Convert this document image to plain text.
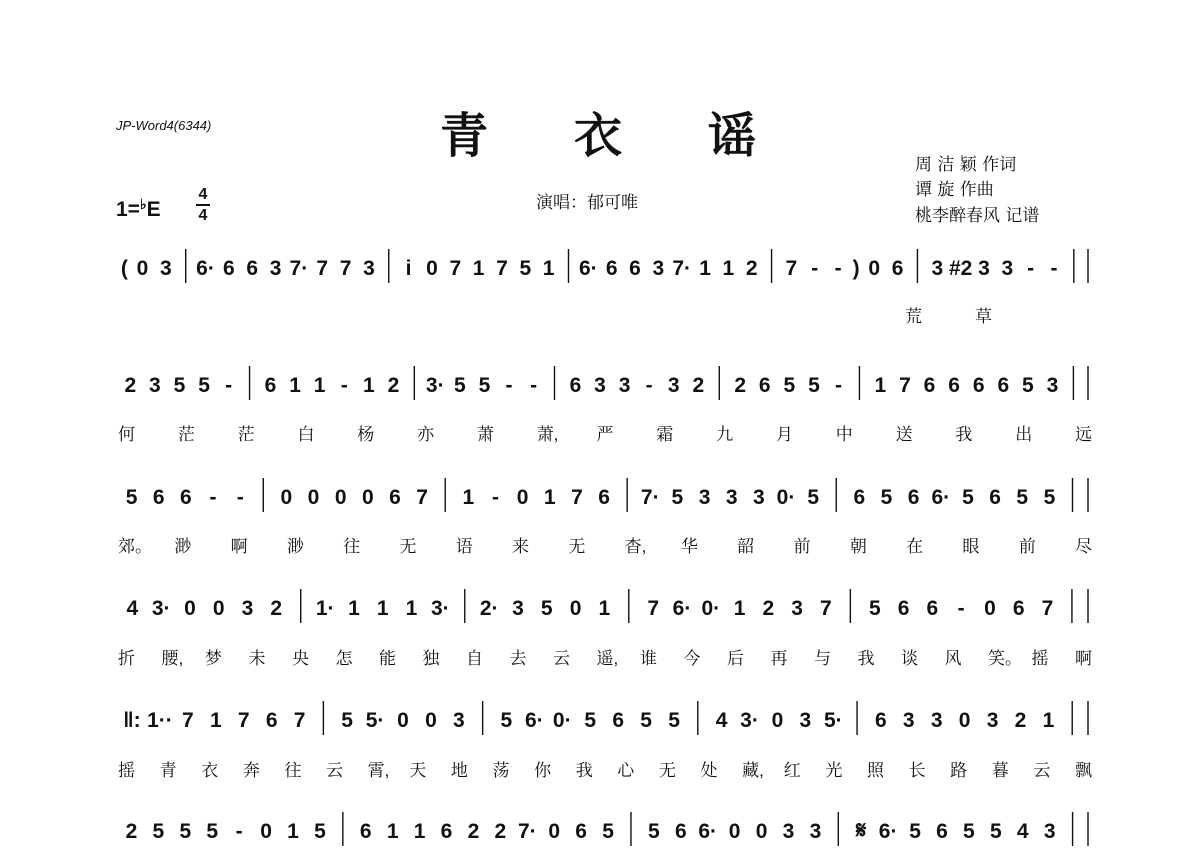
JP-Word4(6344)	青衣谣
1=♭E
4
4
演唱：郁可唯
周 洁 颖 作词
谭 旋 作曲
桃李醉春风 记谱
( 0 3 6· 6 6 3 7· 7 7 3 i 0 7 1 7 5 1 6· 6 6 3 7· 1 1 2 7 - - ) 0 6 3 #2 3 3 - -
荒	草
2 3 5 5 - 6 1 1 - 1 2 3· 5 5 - - 6 3 3 - 3 2 2 6 5 5 - 1 7 6 6 6 6 5 3
何	茫	茫	白	杨	亦	萧	萧, 严	霜	九	月	中	送	我	出	远
5 6 6 - - 0 0 0 0 6 7 1 - 0 1 7 6 7· 5 3 3 3 0· 5 6 5 6 6· 5 6 5 5
郊。 渺 啊 渺 往 无 语 来 无 杳, 华 韶 前 朝 在 眼 前 尽
4 3· 0 0 3 2 1· 1 1 1 3· 2· 3 5 0 1 7 6· 0· 1 2 3 7 5 6 6 - 0 6 7
折 腰, 梦 未 央 怎 能 独 自 去 云 遥, 谁 今 后 再 与 我 谈 风 笑。 摇 啊
‖: 1·· 7 1 7 6 7 5 5· 0 0 3 5 6· 0· 5 6 5 5 4 3· 0 3 5· 6 3 3 0 3 2 1
摇 青 衣 奔 往 云 霄, 天 地 荡 你 我 心 无 处 藏, 红 光 照 长 路 暮 云 飘
2 5 5 5 - 0 1 5 6 1 1 6 2 2 7· 0 6 5 5 6 6· 0 0 3 3 𝄋 6· 5 6 5 5 4 3
